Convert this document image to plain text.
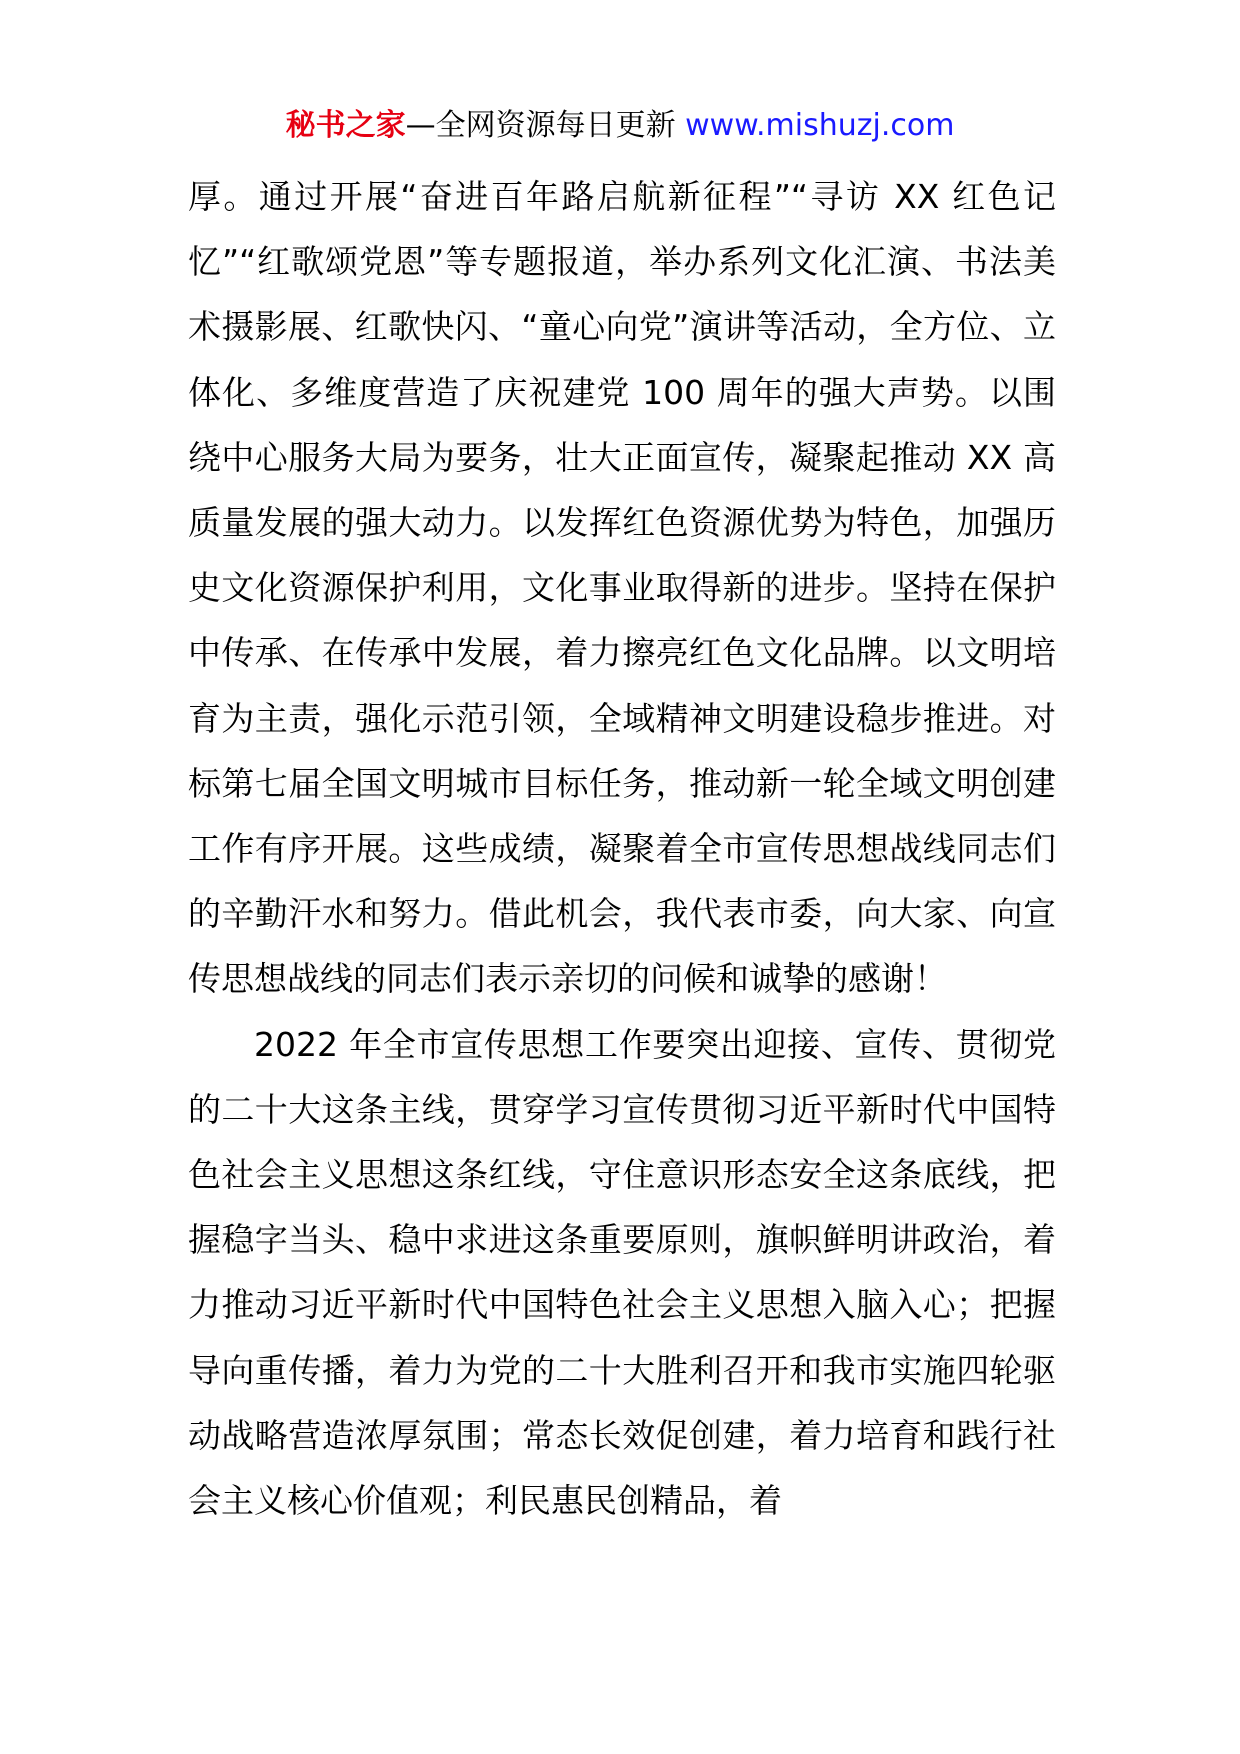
秘书之家—全网资源每日更新 www.mishuzj.com

厚。通过开展“奋进百年路启航新征程”“寻访 XX 红色记忆”“红歌颂党恩”等专题报道，举办系列文化汇演、书法美术摄影展、红歌快闪、“童心向党”演讲等活动，全方位、立体化、多维度营造了庆祝建党 100 周年的强大声势。以围绕中心服务大局为要务，壮大正面宣传，凝聚起推动 XX 高质量发展的强大动力。以发挥红色资源优势为特色，加强历史文化资源保护利用，文化事业取得新的进步。坚持在保护中传承、在传承中发展，着力擦亮红色文化品牌。以文明培育为主责，强化示范引领，全域精神文明建设稳步推进。对标第七届全国文明城市目标任务，推动新一轮全域文明创建工作有序开展。这些成绩，凝聚着全市宣传思想战线同志们的辛勤汗水和努力。借此机会，我代表市委，向大家、向宣传思想战线的同志们表示亲切的问候和诚挚的感谢！

2022 年全市宣传思想工作要突出迎接、宣传、贯彻党的二十大这条主线，贯穿学习宣传贯彻习近平新时代中国特色社会主义思想这条红线，守住意识形态安全这条底线，把握稳字当头、稳中求进这条重要原则，旗帜鲜明讲政治，着力推动习近平新时代中国特色社会主义思想入脑入心；把握导向重传播，着力为党的二十大胜利召开和我市实施四轮驱动战略营造浓厚氛围；常态长效促创建，着力培育和践行社会主义核心价值观；利民惠民创精品，着
